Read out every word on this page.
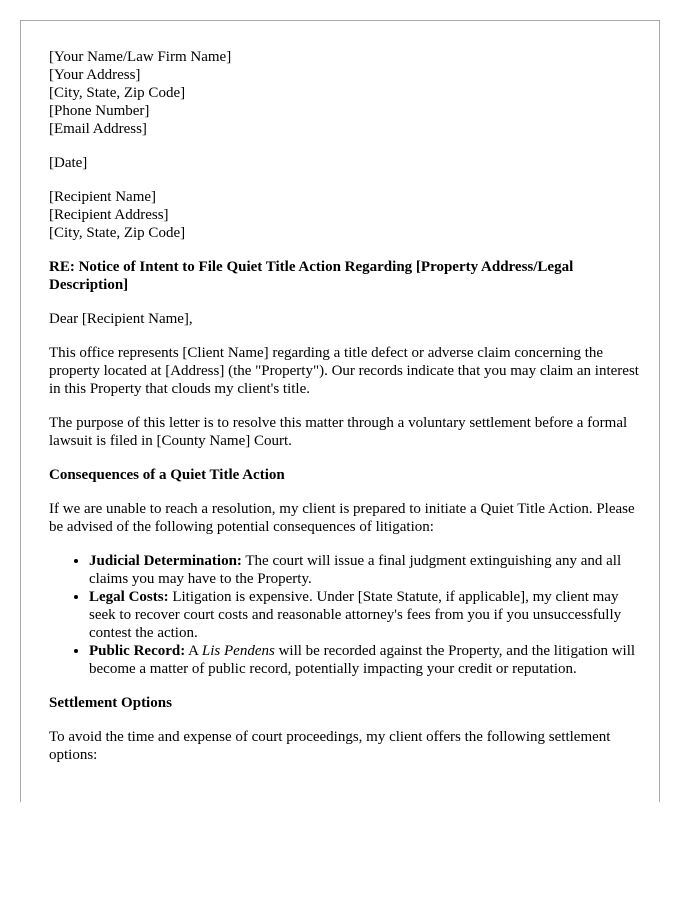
[Your Name/Law Firm Name]
[Your Address]
[City, State, Zip Code]
[Phone Number]
[Email Address]
[Date]
[Recipient Name]
[Recipient Address]
[City, State, Zip Code]
RE: Notice of Intent to File Quiet Title Action Regarding [Property Address/Legal Description]

Dear [Recipient Name],

This office represents [Client Name] regarding a title defect or adverse claim concerning the property located at [Address] (the "Property"). Our records indicate that you may claim an interest in this Property that clouds my client's title.

The purpose of this letter is to resolve this matter through a voluntary settlement before a formal lawsuit is filed in [County Name] Court.

Consequences of a Quiet Title Action

If we are unable to reach a resolution, my client is prepared to initiate a Quiet Title Action. Please be advised of the following potential consequences of litigation:

• Judicial Determination: The court will issue a final judgment extinguishing any and all claims you may have to the Property.
• Legal Costs: Litigation is expensive. Under [State Statute, if applicable], my client may seek to recover court costs and reasonable attorney's fees from you if you unsuccessfully contest the action.
• Public Record: A Lis Pendens will be recorded against the Property, and the litigation will become a matter of public record, potentially impacting your credit or reputation.
Settlement Options

To avoid the time and expense of court proceedings, my client offers the following settlement options:
